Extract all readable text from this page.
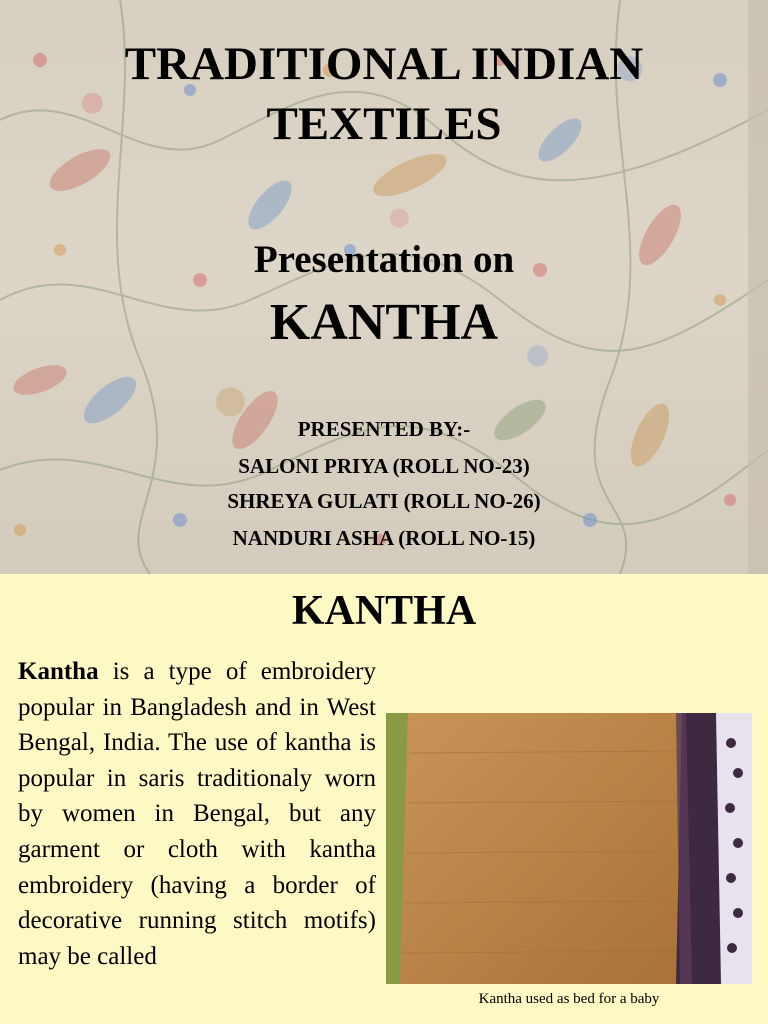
TRADITIONAL INDIAN
TEXTILES
Presentation on
KANTHA
PRESENTED BY:-
SALONI PRIYA (ROLL NO-23)
SHREYA GULATI (ROLL NO-26)
NANDURI ASHA (ROLL NO-15)
KANTHA

Kantha is a type of embroidery popular in Bangladesh and in West Bengal, India. The use of kantha is popular in saris traditionaly worn by women in Bengal, but any garment or cloth with kantha embroidery (having a border of decorative running stitch motifs) may be called

Kantha used as bed for a baby
